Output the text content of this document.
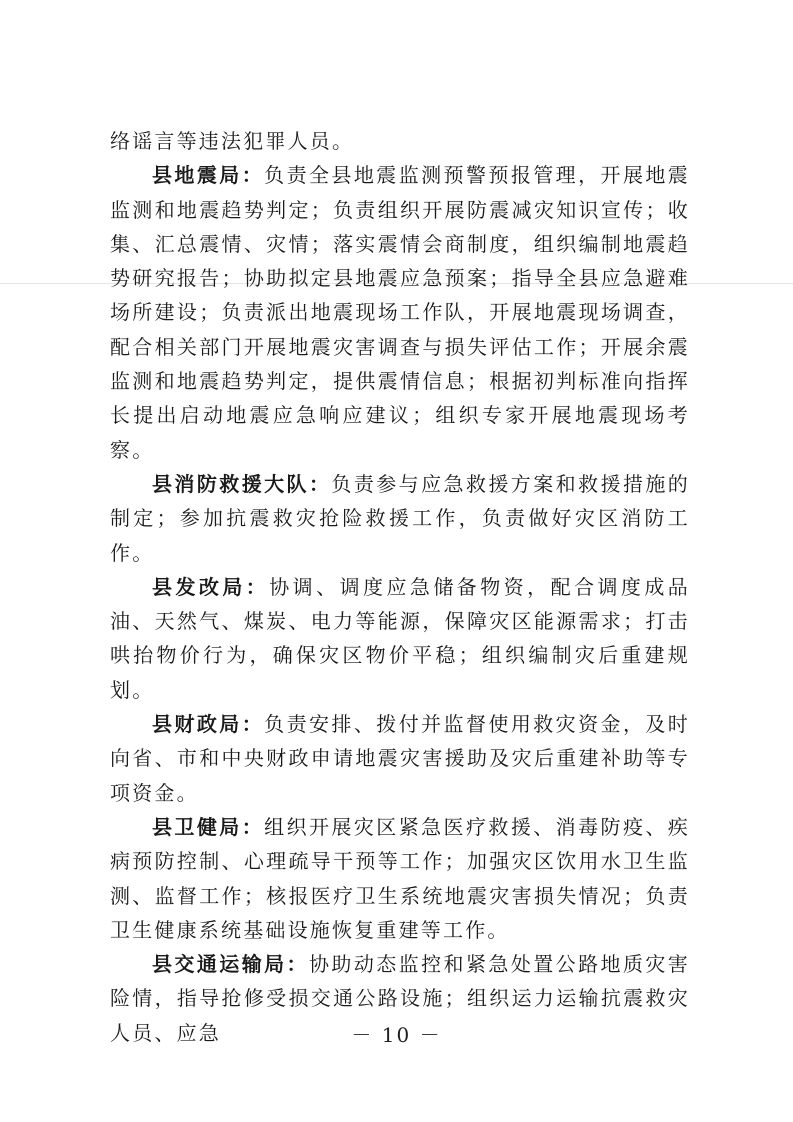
络谣言等违法犯罪人员。

县地震局：负责全县地震监测预警预报管理，开展地震监测和地震趋势判定；负责组织开展防震减灾知识宣传；收集、汇总震情、灾情；落实震情会商制度，组织编制地震趋势研究报告；协助拟定县地震应急预案；指导全县应急避难场所建设；负责派出地震现场工作队，开展地震现场调查，配合相关部门开展地震灾害调查与损失评估工作；开展余震监测和地震趋势判定，提供震情信息；根据初判标准向指挥长提出启动地震应急响应建议；组织专家开展地震现场考察。

县消防救援大队：负责参与应急救援方案和救援措施的制定；参加抗震救灾抢险救援工作，负责做好灾区消防工作。

县发改局：协调、调度应急储备物资，配合调度成品油、天然气、煤炭、电力等能源，保障灾区能源需求；打击哄抬物价行为，确保灾区物价平稳；组织编制灾后重建规划。

县财政局：负责安排、拨付并监督使用救灾资金，及时向省、市和中央财政申请地震灾害援助及灾后重建补助等专项资金。

县卫健局：组织开展灾区紧急医疗救援、消毒防疫、疾病预防控制、心理疏导干预等工作；加强灾区饮用水卫生监测、监督工作；核报医疗卫生系统地震灾害损失情况；负责卫生健康系统基础设施恢复重建等工作。

县交通运输局：协助动态监控和紧急处置公路地质灾害险情，指导抢修受损交通公路设施；组织运力运输抗震救灾人员、应急	－ 10 －
